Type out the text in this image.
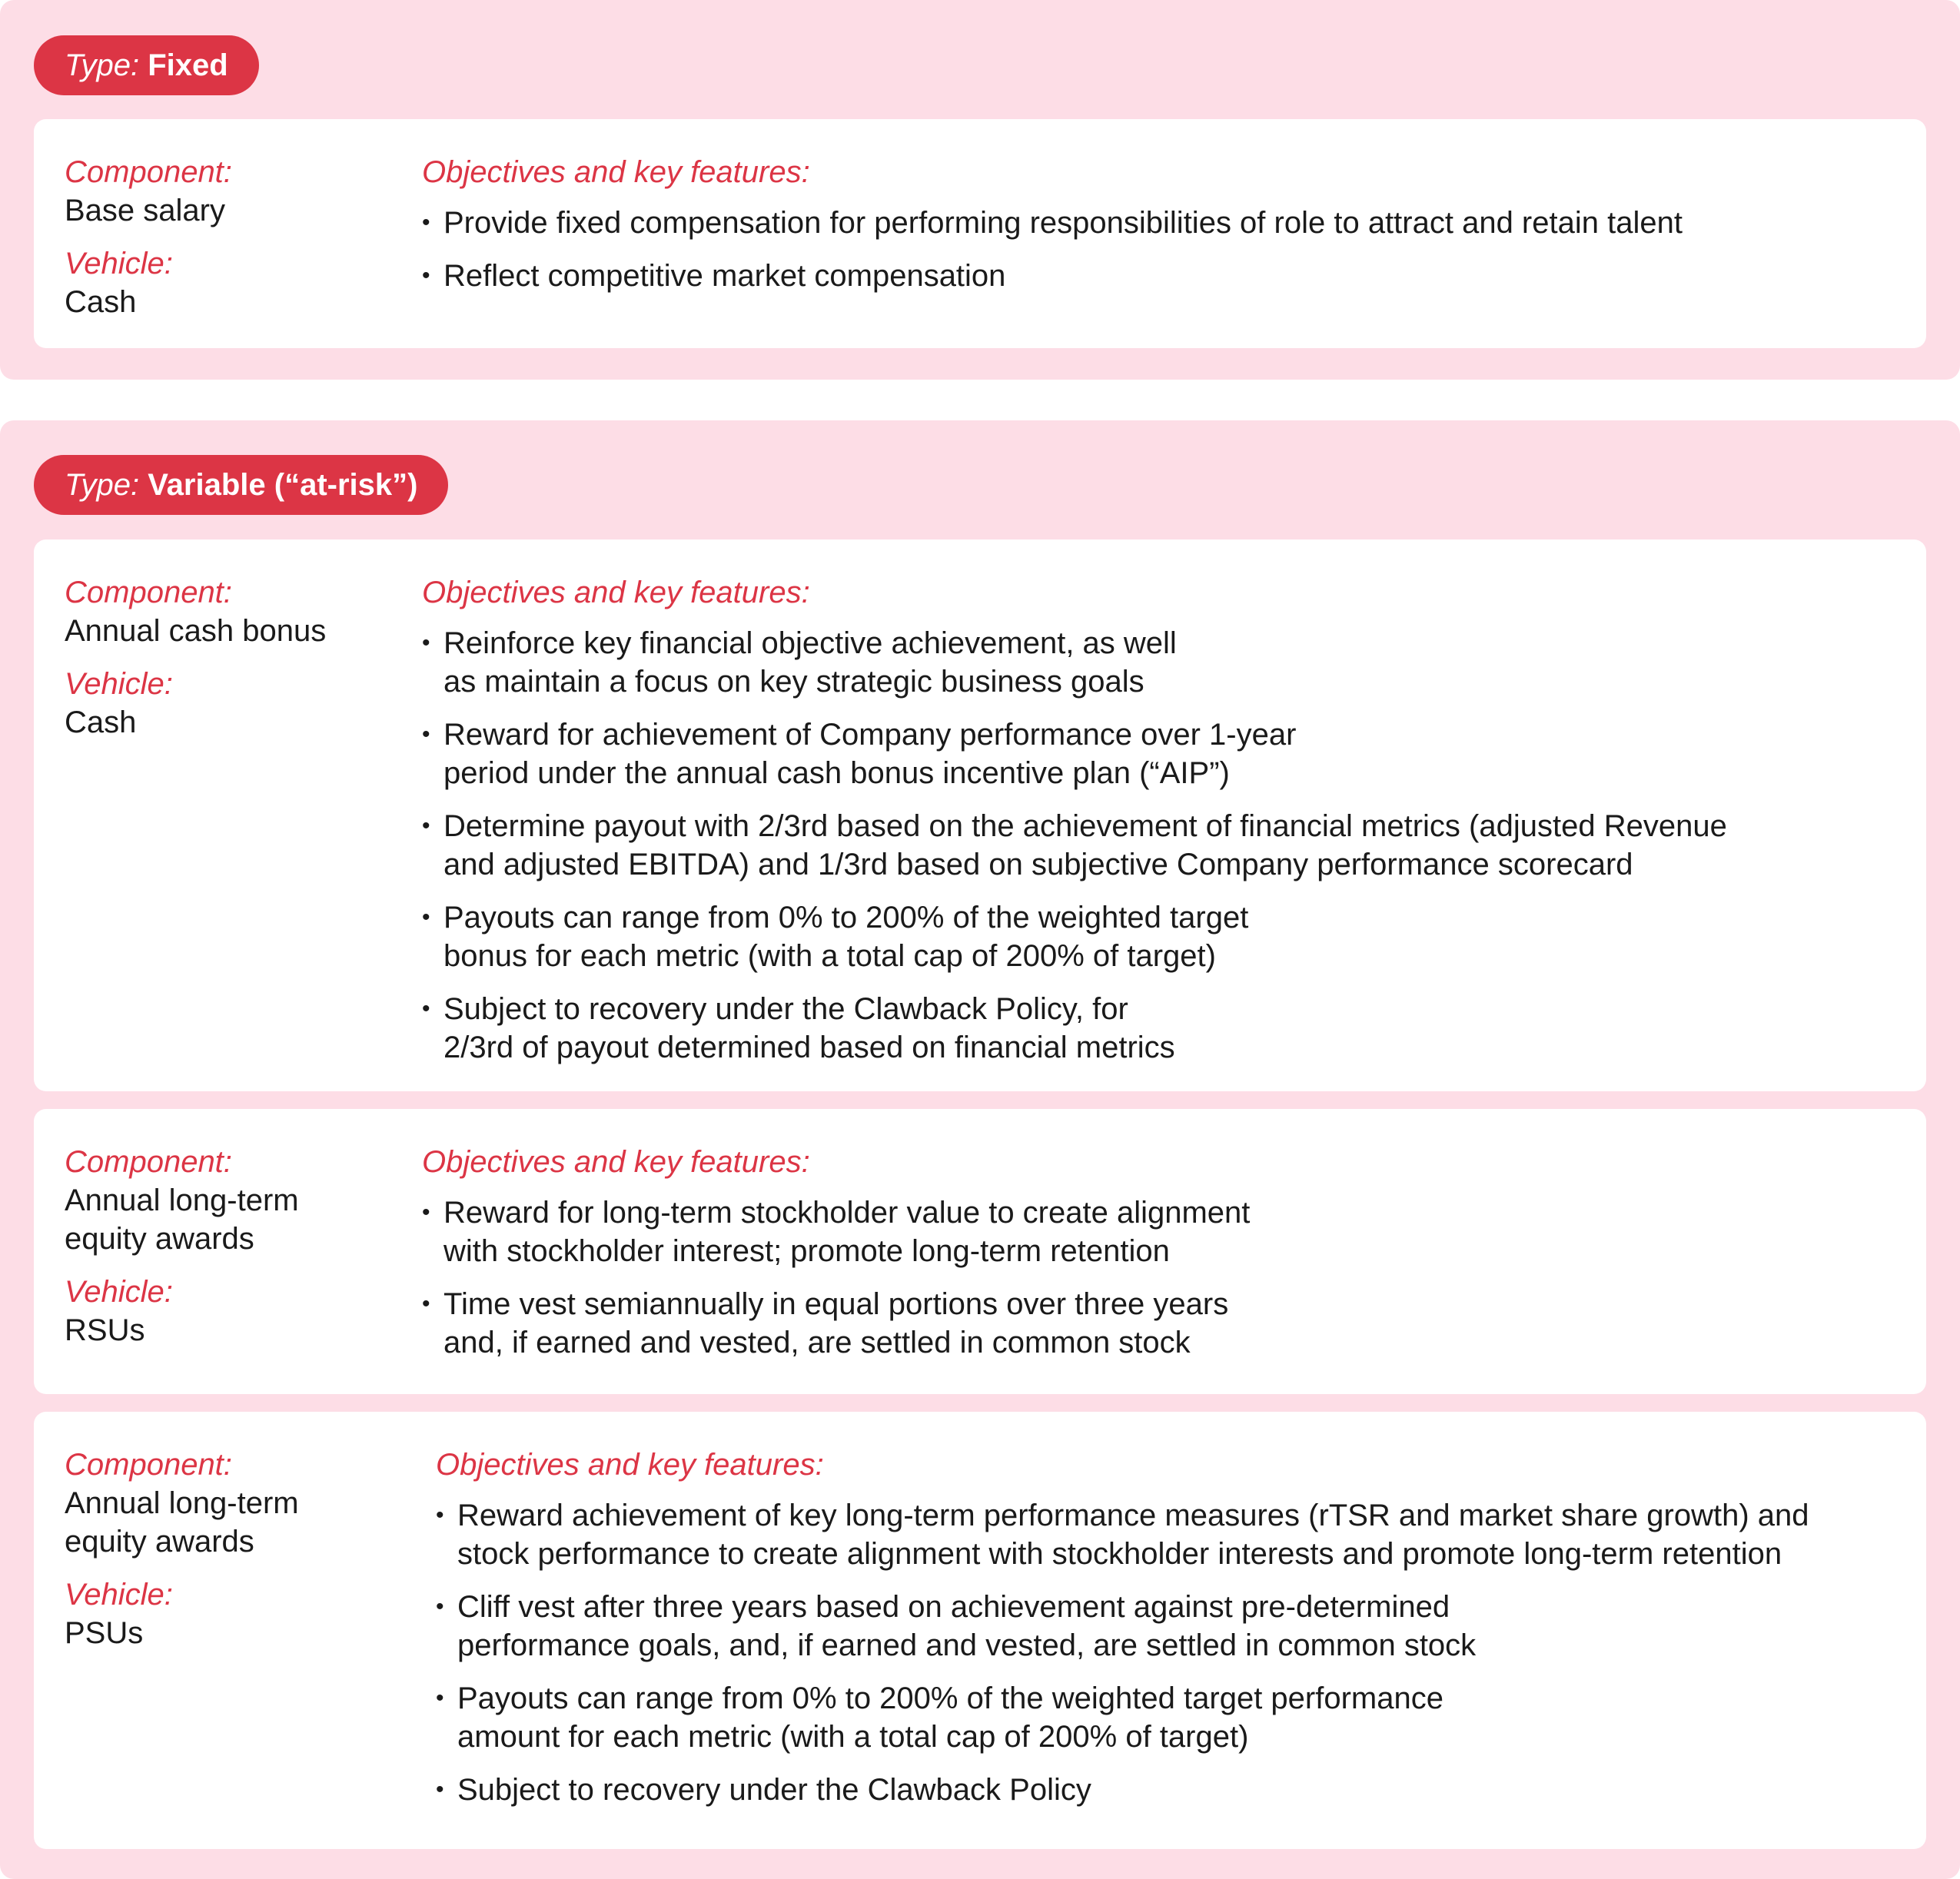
Type: Fixed
Component:
Base salary
Vehicle:
Cash
Objectives and key features:
• Provide fixed compensation for performing responsibilities of role to attract and retain talent
• Reflect competitive market compensation
Type: Variable (“at-risk”)
Component:
Annual cash bonus
Vehicle:
Cash
Objectives and key features:
• Reinforce key financial objective achievement, as well
as maintain a focus on key strategic business goals
• Reward for achievement of Company performance over 1-year
period under the annual cash bonus incentive plan (“AIP”)
• Determine payout with 2/3rd based on the achievement of financial metrics (adjusted Revenue
and adjusted EBITDA) and 1/3rd based on subjective Company performance scorecard
• Payouts can range from 0% to 200% of the weighted target
bonus for each metric (with a total cap of 200% of target)
• Subject to recovery under the Clawback Policy, for
2/3rd of payout determined based on financial metrics
Component:
Annual long-term
equity awards
Vehicle:
RSUs
Objectives and key features:
• Reward for long-term stockholder value to create alignment
with stockholder interest; promote long-term retention
• Time vest semiannually in equal portions over three years
and, if earned and vested, are settled in common stock
Component:
Annual long-term
equity awards
Vehicle:
PSUs
Objectives and key features:
• Reward achievement of key long-term performance measures (rTSR and market share growth) and
stock performance to create alignment with stockholder interests and promote long-term retention
• Cliff vest after three years based on achievement against pre-determined
performance goals, and, if earned and vested, are settled in common stock
• Payouts can range from 0% to 200% of the weighted target performance
amount for each metric (with a total cap of 200% of target)
• Subject to recovery under the Clawback Policy
